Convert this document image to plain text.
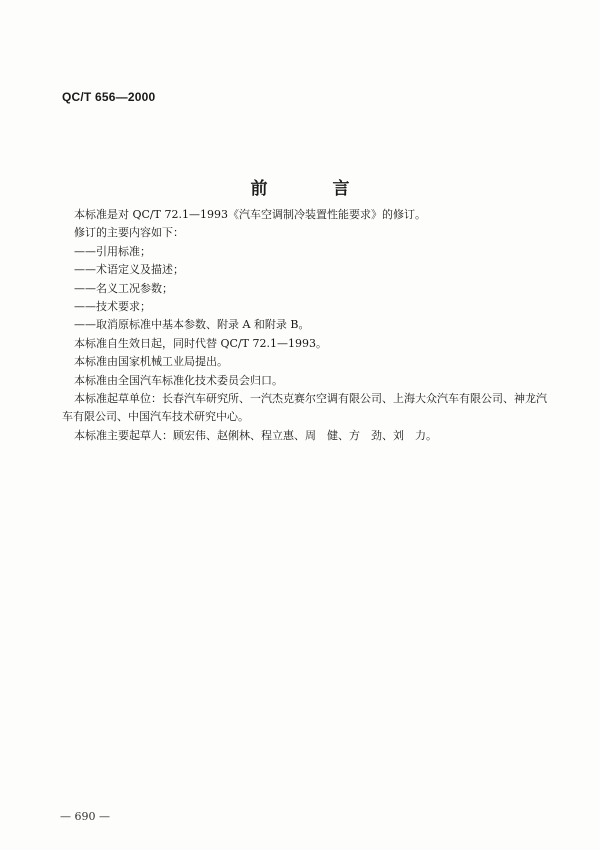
QC/T 656—2000
前　言

本标准是对 QC/T 72.1—1993《汽车空调制冷装置性能要求》的修订。

修订的主要内容如下：

——引用标准；

——术语定义及描述；

——名义工况参数；

——技术要求；

——取消原标准中基本参数、附录 A 和附录 B。

本标准自生效日起，同时代替 QC/T 72.1—1993。

本标准由国家机械工业局提出。

本标准由全国汽车标准化技术委员会归口。

本标准起草单位：长春汽车研究所、一汽杰克赛尔空调有限公司、上海大众汽车有限公司、神龙汽

车有限公司、中国汽车技术研究中心。

本标准主要起草人：顾宏伟、赵俐林、程立惠、周　健、方　劲、刘　力。

— 690 —
